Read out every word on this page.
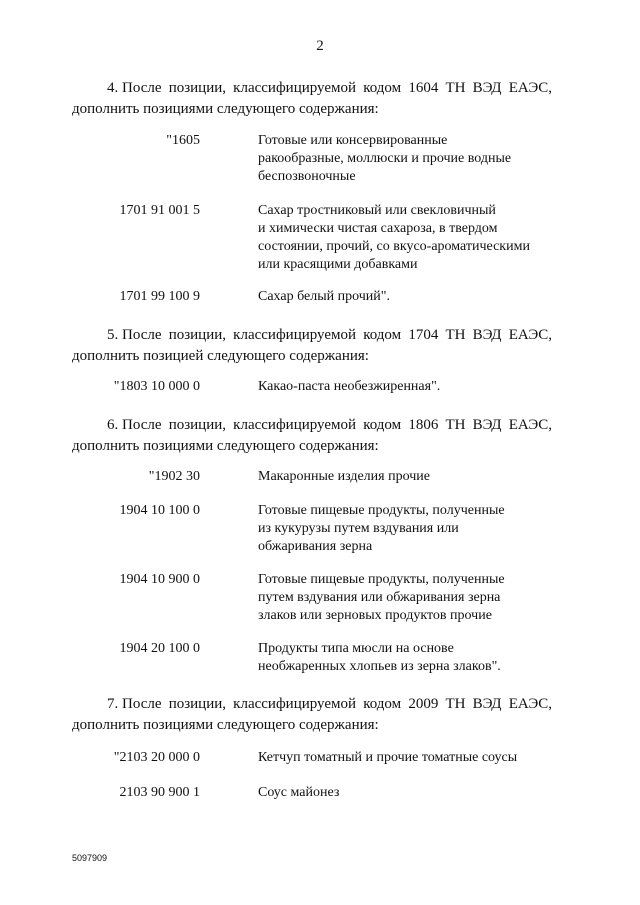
2
4. После позиции, классифицируемой кодом 1604 ТН ВЭД ЕАЭС,
дополнить позициями следующего содержания:
"1605	Готовые или консервированные
ракообразные, моллюски и прочие водные
беспозвоночные
1701 91 001 5	Сахар тростниковый или свекловичный
и химически чистая сахароза, в твердом
состоянии, прочий, со вкусо-ароматическими
или красящими добавками
1701 99 100 9	Сахар белый прочий".
5. После позиции, классифицируемой кодом 1704 ТН ВЭД ЕАЭС,
дополнить позицией следующего содержания:
"1803 10 000 0	Какао-паста необезжиренная".
6. После позиции, классифицируемой кодом 1806 ТН ВЭД ЕАЭС,
дополнить позициями следующего содержания:
"1902 30	Макаронные изделия прочие
1904 10 100 0	Готовые пищевые продукты, полученные
из кукурузы путем вздувания или
обжаривания зерна
1904 10 900 0	Готовые пищевые продукты, полученные
путем вздувания или обжаривания зерна
злаков или зерновых продуктов прочие
1904 20 100 0	Продукты типа мюсли на основе
необжаренных хлопьев из зерна злаков".
7. После позиции, классифицируемой кодом 2009 ТН ВЭД ЕАЭС,
дополнить позициями следующего содержания:
"2103 20 000 0	Кетчуп томатный и прочие томатные соусы
2103 90 900 1	Соус майонез
5097909
